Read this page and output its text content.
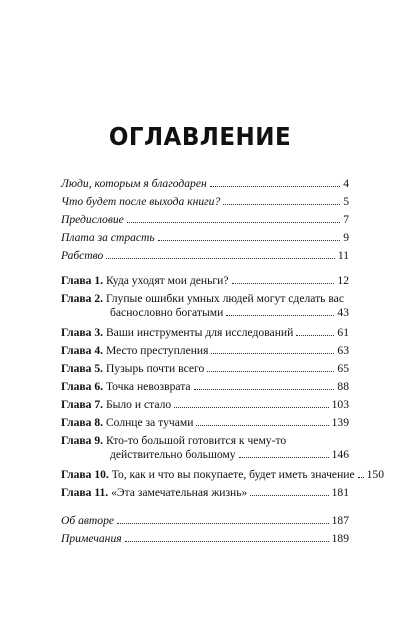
ОГЛАВЛЕНИЕ
Люди, которым я благодарен	4
Что будет после выхода книги?	5
Предисловие	7
Плата за страсть	9
Рабство	11
Глава 1. Куда уходят мои деньги?	12
Глава 2. Глупые ошибки умных людей могут сделать вас
баснословно богатыми	43
Глава 3. Ваши инструменты для исследований	61
Глава 4. Место преступления	63
Глава 5. Пузырь почти всего	65
Глава 6. Точка невозврата	88
Глава 7. Было и стало	103
Глава 8. Солнце за тучами	139
Глава 9. Кто-то большой готовится к чему-то
действительно большому	146
Глава 10. То, как и что вы покупаете, будет иметь значение 150
Глава 11. «Эта замечательная жизнь»	181
Об авторе	187
Примечания	189
